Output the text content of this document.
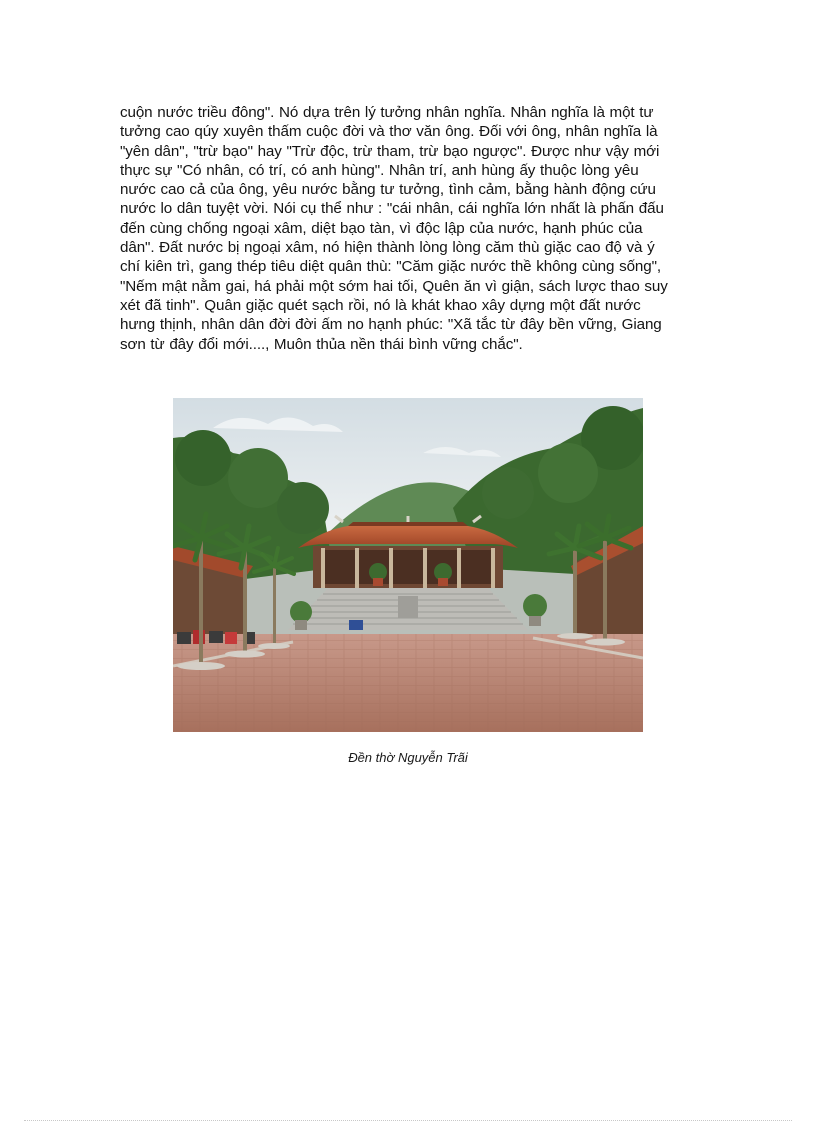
cuộn nước triều đông". Nó dựa trên lý tưởng nhân nghĩa. Nhân nghĩa là một tư
tưởng cao qúy xuyên thấm cuộc đời và thơ văn ông. Đối với ông, nhân nghĩa là
"yên dân", "trừ bạo" hay "Trừ độc, trừ tham, trừ bạo ngược". Được như vậy mới
thực sự "Có nhân, có trí, có anh hùng". Nhân trí, anh hùng ấy thuộc lòng yêu
nước cao cả của ông, yêu nước bằng tư tưởng, tình cảm, bằng hành động cứu
nước lo dân tuyệt vời. Nói cụ thể như : "cái nhân, cái nghĩa lớn nhất là phấn đấu
đến cùng chống ngoại xâm, diệt bạo tàn, vì độc lập của nước, hạnh phúc của
dân". Đất nước bị ngoại xâm, nó hiện thành lòng lòng căm thù giặc cao độ và ý
chí kiên trì, gang thép tiêu diệt quân thù: "Căm giặc nước thề không cùng sống",
"Nếm mật nằm gai, há phải một sớm hai tối, Quên ăn vì giận, sách lược thao suy
xét đã tinh". Quân giặc quét sạch rồi, nó là khát khao xây dựng một đất nước
hưng thịnh, nhân dân đời đời ấm no hạnh phúc: "Xã tắc từ đây bền vững, Giang
sơn từ đây đổi mới...., Muôn thủa nền thái bình vững chắc".

Đền thờ Nguyễn Trãi
